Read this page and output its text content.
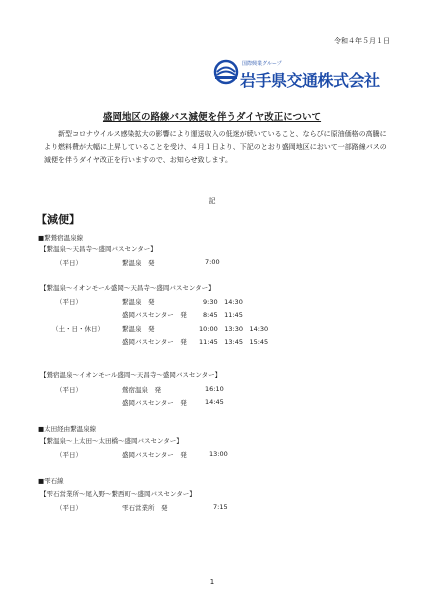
令和４年５月１日
国際興業グループ
岩手県交通株式会社
盛岡地区の路線バス減便を伴うダイヤ改正について
新型コロナウイルス感染拡大の影響により運送収入の低迷が続いていること、ならびに原油価格の高騰により燃料費が大幅に上昇していることを受け、４月１日より、下記のとおり盛岡地区において一部路線バスの減便を伴うダイヤ改正を行いますので、お知らせ致します。
記
【減便】
■繋鶯宿温泉線
【繋温泉〜天昌寺〜盛岡バスセンター】
（平日）	繋温泉　発	7:00
【繋温泉〜イオンモール盛岡〜天昌寺〜盛岡バスセンター】
（平日）	繋温泉　発	9:30　14:30
盛岡バスセンター　発	8:45　11:45
（土・日・休日）	繋温泉　発	10:00　13:30　14:30
盛岡バスセンター　発 11:45　13:45　15:45
【鶯宿温泉〜イオンモール盛岡〜天昌寺〜盛岡バスセンター】
（平日）	鶯宿温泉　発	16:10
盛岡バスセンター　発	14:45
■太田経由繋温泉線
【繋温泉〜上太田〜太田橋〜盛岡バスセンター】
（平日）	盛岡バスセンター　発	13:00
■雫石線
【雫石営業所〜尾入野〜繋西町〜盛岡バスセンター】
（平日）	雫石営業所　発	7:15
1
